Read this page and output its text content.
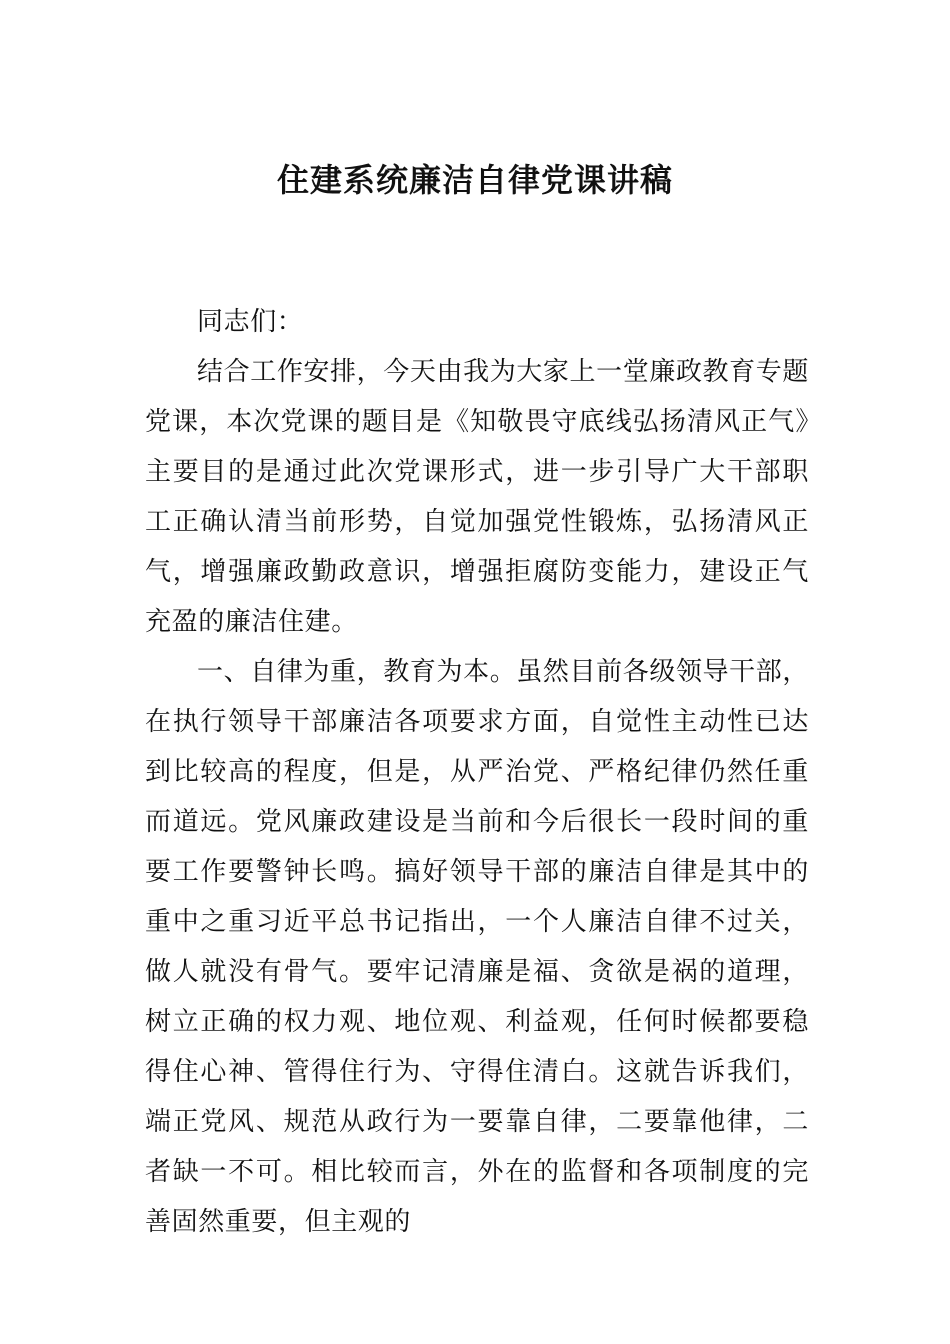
住建系统廉洁自律党课讲稿

同志们：

结合工作安排，今天由我为大家上一堂廉政教育专题党课，本次党课的题目是《知敬畏守底线弘扬清风正气》主要目的是通过此次党课形式，进一步引导广大干部职工正确认清当前形势，自觉加强党性锻炼，弘扬清风正气，增强廉政勤政意识，增强拒腐防变能力，建设正气充盈的廉洁住建。

一、自律为重，教育为本。虽然目前各级领导干部，在执行领导干部廉洁各项要求方面，自觉性主动性已达到比较高的程度，但是，从严治党、严格纪律仍然任重而道远。党风廉政建设是当前和今后很长一段时间的重要工作要警钟长鸣。搞好领导干部的廉洁自律是其中的重中之重习近平总书记指出，一个人廉洁自律不过关，做人就没有骨气。要牢记清廉是福、贪欲是祸的道理，树立正确的权力观、地位观、利益观，任何时候都要稳得住心神、管得住行为、守得住清白。这就告诉我们，端正党风、规范从政行为一要靠自律，二要靠他律，二者缺一不可。相比较而言，外在的监督和各项制度的完善固然重要，但主观的
